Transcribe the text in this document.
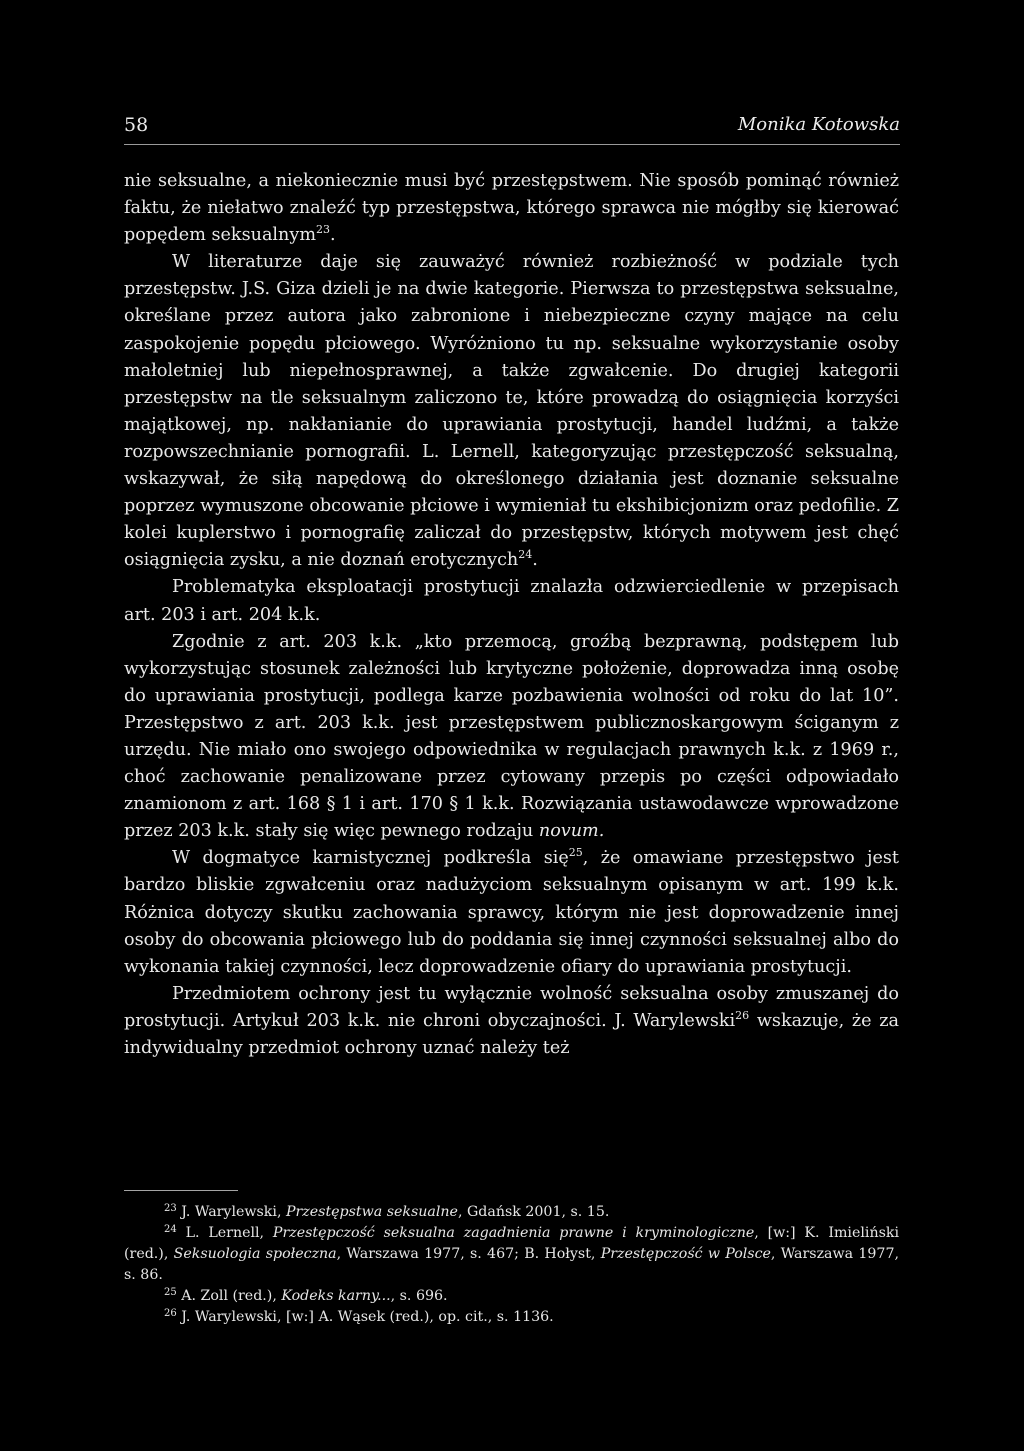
58	Monika Kotowska

nie seksualne, a niekoniecznie musi być przestępstwem. Nie sposób pominąć również faktu, że niełatwo znaleźć typ przestępstwa, którego sprawca nie mógłby się kierować popędem seksualnym$^{23}$.

W literaturze daje się zauważyć również rozbieżność w podziale tych przestępstw. J.S. Giza dzieli je na dwie kategorie. Pierwsza to przestępstwa seksualne, określane przez autora jako zabronione i niebezpieczne czyny mające na celu zaspokojenie popędu płciowego. Wyróżniono tu np. seksualne wykorzystanie osoby małoletniej lub niepełnosprawnej, a także zgwałcenie. Do drugiej kategorii przestępstw na tle seksualnym zaliczono te, które prowadzą do osiągnięcia korzyści majątkowej, np. nakłanianie do uprawiania prostytucji, handel ludźmi, a także rozpowszechnianie pornografii. L. Lernell, kategoryzując przestępczość seksualną, wskazywał, że siłą napędową do określonego działania jest doznanie seksualne poprzez wymuszone obcowanie płciowe i wymieniał tu ekshibicjonizm oraz pedofilie. Z kolei kuplerstwo i pornografię zaliczał do przestępstw, których motywem jest chęć osiągnięcia zysku, a nie doznań erotycznych$^{24}$.

Problematyka eksploatacji prostytucji znalazła odzwierciedlenie w przepisach art. 203 i art. 204 k.k.

Zgodnie z art. 203 k.k. „kto przemocą, groźbą bezprawną, podstępem lub wykorzystując stosunek zależności lub krytyczne położenie, doprowadza inną osobę do uprawiania prostytucji, podlega karze pozbawienia wolności od roku do lat 10”. Przestępstwo z art. 203 k.k. jest przestępstwem publicznoskargowym ściganym z urzędu. Nie miało ono swojego odpowiednika w regulacjach prawnych k.k. z 1969 r., choć zachowanie penalizowane przez cytowany przepis po części odpowiadało znamionom z art. 168 § 1 i art. 170 § 1 k.k. Rozwiązania ustawodawcze wprowadzone przez 203 k.k. stały się więc pewnego rodzaju novum.

W dogmatyce karnistycznej podkreśla się$^{25}$, że omawiane przestępstwo jest bardzo bliskie zgwałceniu oraz nadużyciom seksualnym opisanym w art. 199 k.k. Różnica dotyczy skutku zachowania sprawcy, którym nie jest doprowadzenie innej osoby do obcowania płciowego lub do poddania się innej czynności seksualnej albo do wykonania takiej czynności, lecz doprowadzenie ofiary do uprawiania prostytucji.

Przedmiotem ochrony jest tu wyłącznie wolność seksualna osoby zmuszanej do prostytucji. Artykuł 203 k.k. nie chroni obyczajności. J. Warylewski$^{26}$ wskazuje, że za indywidualny przedmiot ochrony uznać należy też

$^{23}$ J. Warylewski, Przestępstwa seksualne, Gdańsk 2001, s. 15.

$^{24}$ L. Lernell, Przestępczość seksualna zagadnienia prawne i kryminologiczne, [w:] K. Imieliński (red.), Seksuologia społeczna, Warszawa 1977, s. 467; B. Hołyst, Przestępczość w Polsce, Warszawa 1977, s. 86.

$^{25}$ A. Zoll (red.), Kodeks karny..., s. 696.

$^{26}$ J. Warylewski, [w:] A. Wąsek (red.), op. cit., s. 1136.
